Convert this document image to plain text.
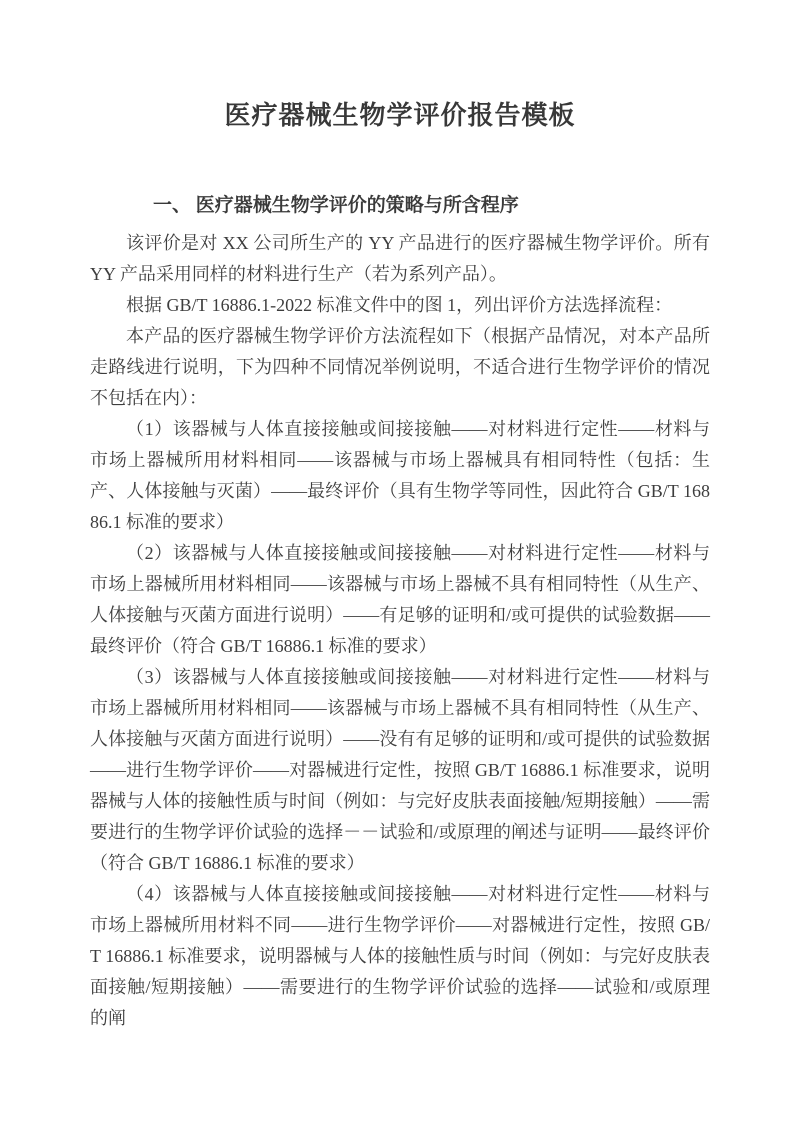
医疗器械生物学评价报告模板
一、 医疗器械生物学评价的策略与所含程序

该评价是对 XX 公司所生产的 YY 产品进行的医疗器械生物学评价。所有 YY 产品采用同样的材料进行生产（若为系列产品）。

根据 GB/T 16886.1-2022 标准文件中的图 1，列出评价方法选择流程：

本产品的医疗器械生物学评价方法流程如下（根据产品情况，对本产品所走路线进行说明，下为四种不同情况举例说明，不适合进行生物学评价的情况不包括在内）：

（1）该器械与人体直接接触或间接接触——对材料进行定性——材料与市场上器械所用材料相同——该器械与市场上器械具有相同特性（包括：生产、人体接触与灭菌）——最终评价（具有生物学等同性，因此符合 GB/T 16886.1 标准的要求）

（2）该器械与人体直接接触或间接接触——对材料进行定性——材料与市场上器械所用材料相同——该器械与市场上器械不具有相同特性（从生产、人体接触与灭菌方面进行说明）——有足够的证明和/或可提供的试验数据——最终评价（符合 GB/T 16886.1 标准的要求）

（3）该器械与人体直接接触或间接接触——对材料进行定性——材料与市场上器械所用材料相同——该器械与市场上器械不具有相同特性（从生产、人体接触与灭菌方面进行说明）——没有有足够的证明和/或可提供的试验数据——进行生物学评价——对器械进行定性，按照 GB/T 16886.1 标准要求，说明器械与人体的接触性质与时间（例如：与完好皮肤表面接触/短期接触）——需要进行的生物学评价试验的选择－－试验和/或原理的阐述与证明——最终评价（符合 GB/T 16886.1 标准的要求）

（4）该器械与人体直接接触或间接接触——对材料进行定性——材料与市场上器械所用材料不同——进行生物学评价——对器械进行定性，按照 GB/T 16886.1 标准要求，说明器械与人体的接触性质与时间（例如：与完好皮肤表面接触/短期接触）——需要进行的生物学评价试验的选择——试验和/或原理的阐
